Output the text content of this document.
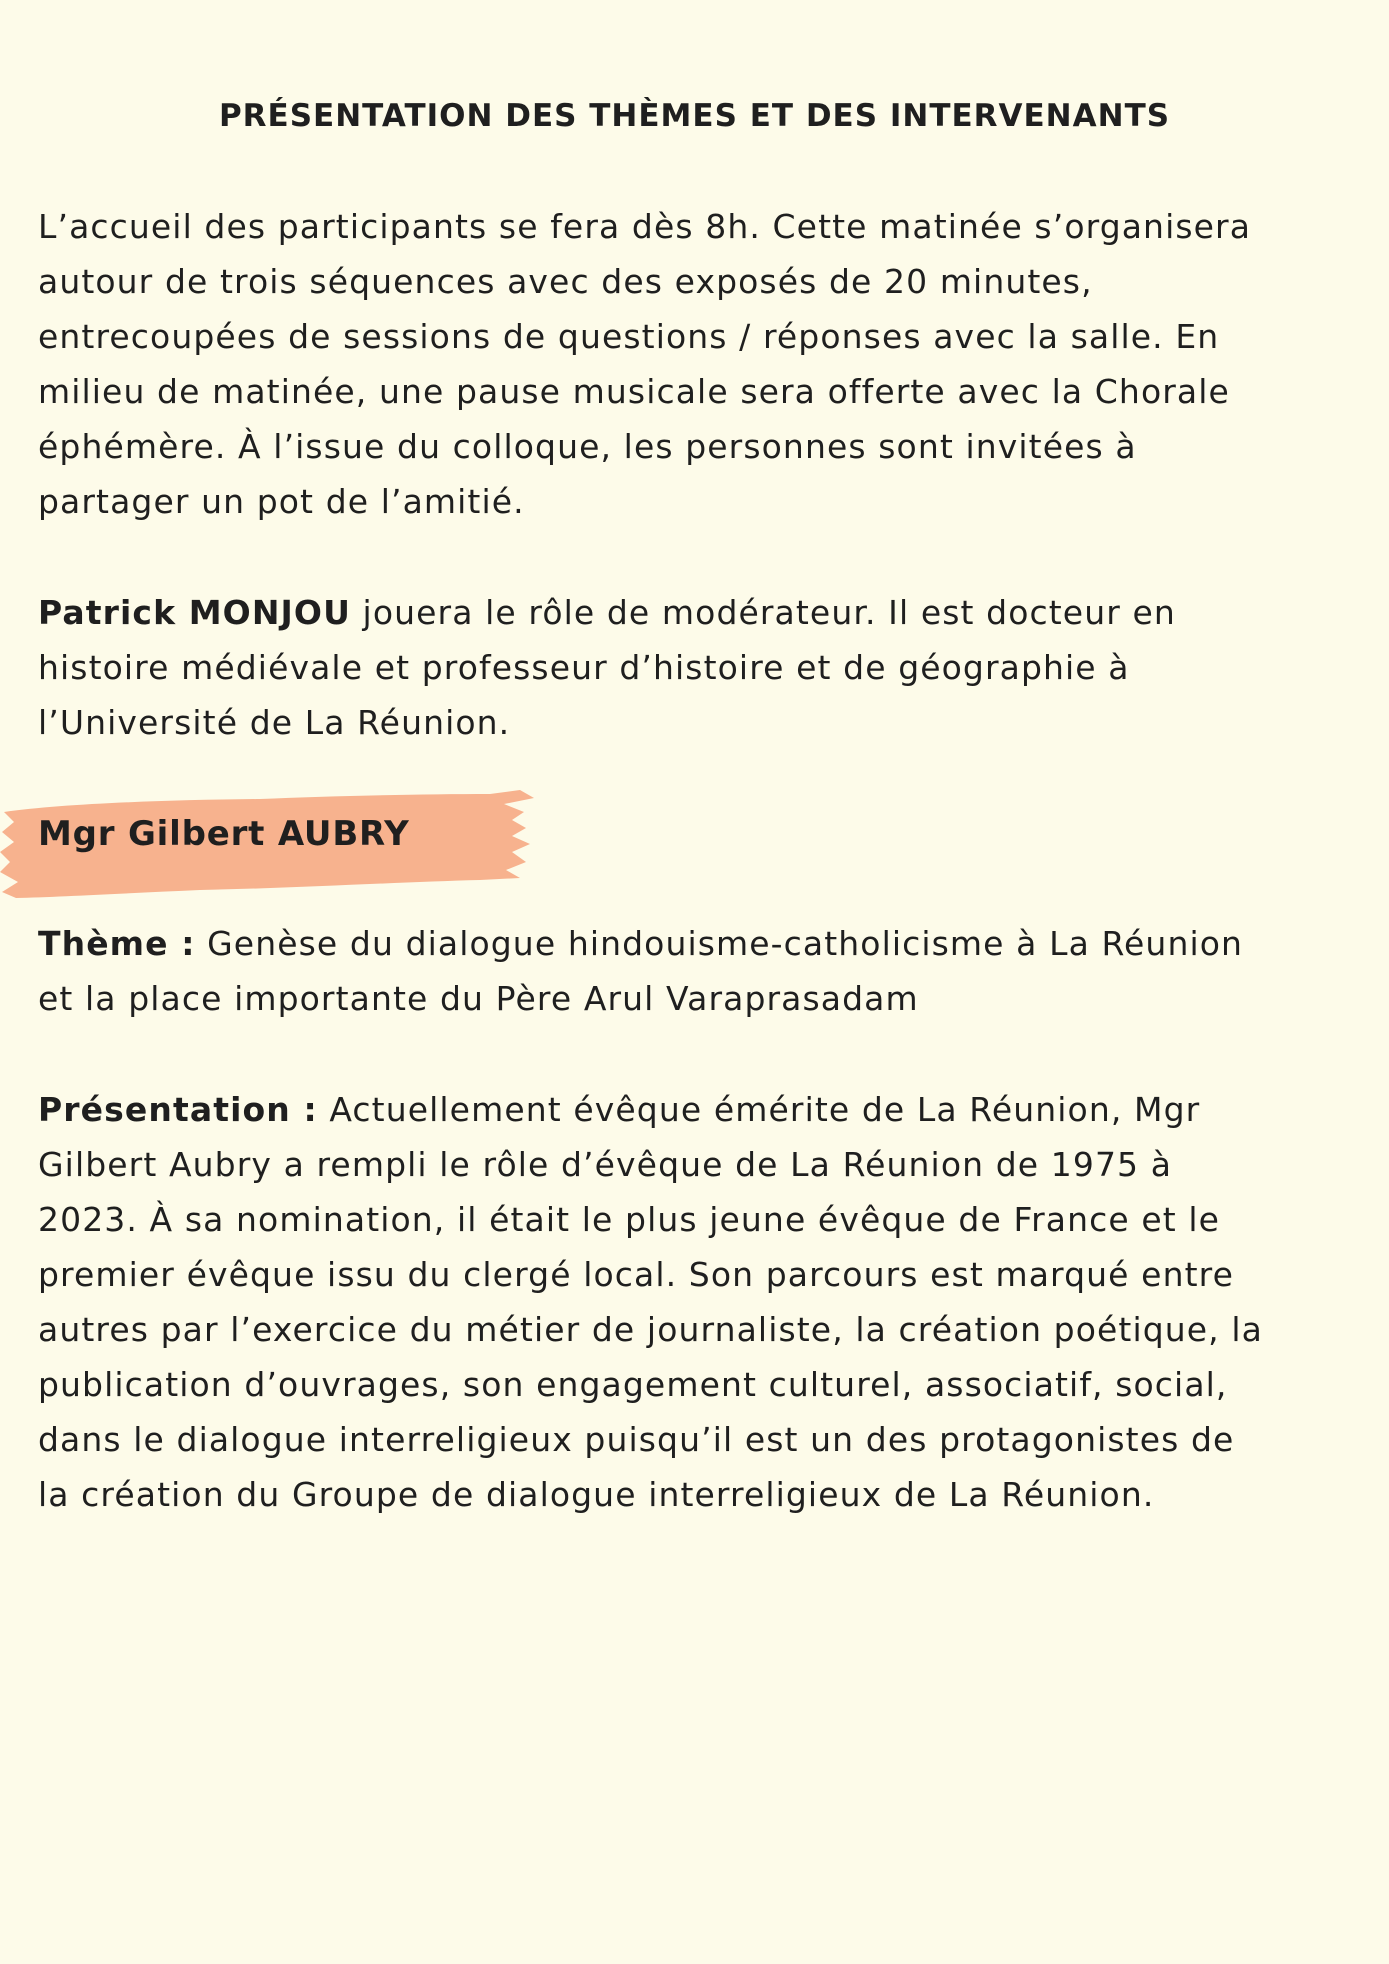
PRÉSENTATION DES THÈMES ET DES INTERVENANTS

L’accueil des participants se fera dès 8h. Cette matinée s’organisera
autour de trois séquences avec des exposés de 20 minutes,
entrecoupées de sessions de questions / réponses avec la salle. En
milieu de matinée, une pause musicale sera offerte avec la Chorale
éphémère. À l’issue du colloque, les personnes sont invitées à
partager un pot de l’amitié.

Patrick MONJOU jouera le rôle de modérateur. Il est docteur en
histoire médiévale et professeur d’histoire et de géographie à
l’Université de La Réunion.

Mgr Gilbert AUBRY

Thème : Genèse du dialogue hindouisme-catholicisme à La Réunion
et la place importante du Père Arul Varaprasadam

Présentation : Actuellement évêque émérite de La Réunion, Mgr
Gilbert Aubry a rempli le rôle d’évêque de La Réunion de 1975 à
2023. À sa nomination, il était le plus jeune évêque de France et le
premier évêque issu du clergé local. Son parcours est marqué entre
autres par l’exercice du métier de journaliste, la création poétique, la
publication d’ouvrages, son engagement culturel, associatif, social,
dans le dialogue interreligieux puisqu’il est un des protagonistes de
la création du Groupe de dialogue interreligieux de La Réunion.
